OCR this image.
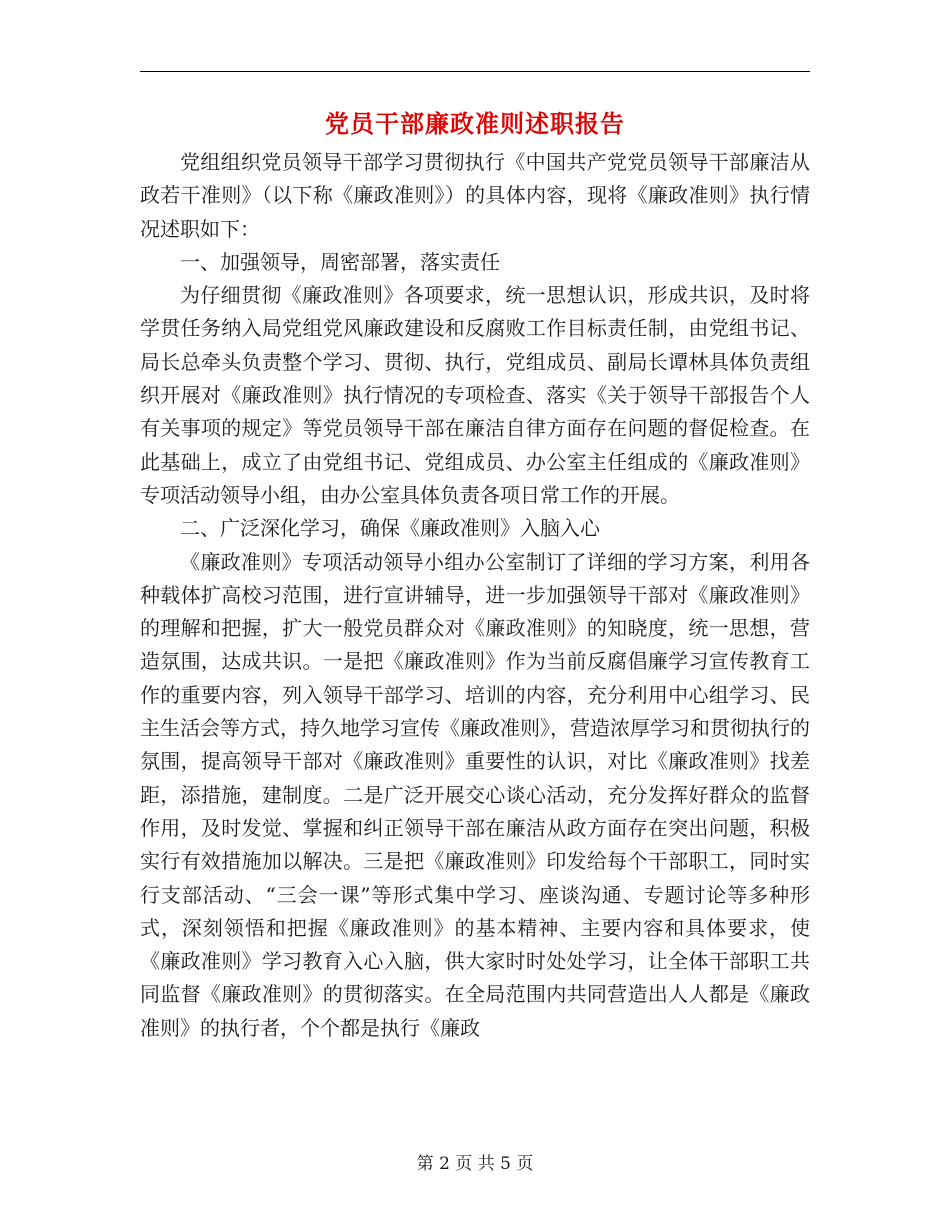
党员干部廉政准则述职报告

党组组织党员领导干部学习贯彻执行《中国共产党党员领导干部廉洁从政若干准则》（以下称《廉政准则》）的具体内容，现将《廉政准则》执行情况述职如下：

一、加强领导，周密部署，落实责任

为仔细贯彻《廉政准则》各项要求，统一思想认识，形成共识，及时将学贯任务纳入局党组党风廉政建设和反腐败工作目标责任制，由党组书记、局长总牵头负责整个学习、贯彻、执行，党组成员、副局长谭林具体负责组织开展对《廉政准则》执行情况的专项检查、落实《关于领导干部报告个人有关事项的规定》等党员领导干部在廉洁自律方面存在问题的督促检查。在此基础上，成立了由党组书记、党组成员、办公室主任组成的《廉政准则》专项活动领导小组，由办公室具体负责各项日常工作的开展。

二、广泛深化学习，确保《廉政准则》入脑入心

《廉政准则》专项活动领导小组办公室制订了详细的学习方案，利用各种载体扩高校习范围，进行宣讲辅导，进一步加强领导干部对《廉政准则》的理解和把握，扩大一般党员群众对《廉政准则》的知晓度，统一思想，营造氛围，达成共识。一是把《廉政准则》作为当前反腐倡廉学习宣传教育工作的重要内容，列入领导干部学习、培训的内容，充分利用中心组学习、民主生活会等方式，持久地学习宣传《廉政准则》，营造浓厚学习和贯彻执行的氛围，提高领导干部对《廉政准则》重要性的认识，对比《廉政准则》找差距，添措施，建制度。二是广泛开展交心谈心活动，充分发挥好群众的监督作用，及时发觉、掌握和纠正领导干部在廉洁从政方面存在突出问题，积极实行有效措施加以解决。三是把《廉政准则》印发给每个干部职工，同时实行支部活动、“三会一课”等形式集中学习、座谈沟通、专题讨论等多种形式，深刻领悟和把握《廉政准则》的基本精神、主要内容和具体要求，使《廉政准则》学习教育入心入脑，供大家时时处处学习，让全体干部职工共同监督《廉政准则》的贯彻落实。在全局范围内共同营造出人人都是《廉政准则》的执行者，个个都是执行《廉政

第 2 页 共 5 页
